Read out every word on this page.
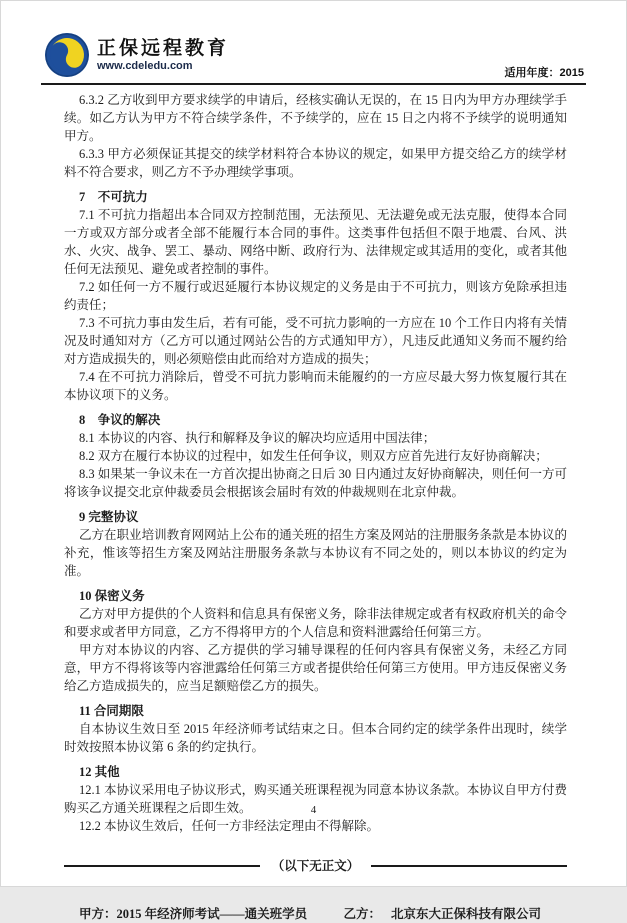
正保远程教育
www.cdeledu.com
适用年度：2015

6.3.2 乙方收到甲方要求续学的申请后，经核实确认无误的，在 15 日内为甲方办理续学手续。如乙方认为甲方不符合续学条件，不予续学的，应在 15 日之内将不予续学的说明通知甲方。

6.3.3 甲方必须保证其提交的续学材料符合本协议的规定，如果甲方提交给乙方的续学材料不符合要求，则乙方不予办理续学事项。

7　不可抗力

7.1 不可抗力指超出本合同双方控制范围，无法预见、无法避免或无法克服，使得本合同一方或双方部分或者全部不能履行本合同的事件。这类事件包括但不限于地震、台风、洪水、火灾、战争、罢工、暴动、网络中断、政府行为、法律规定或其适用的变化，或者其他任何无法预见、避免或者控制的事件。

7.2 如任何一方不履行或迟延履行本协议规定的义务是由于不可抗力，则该方免除承担违约责任；

7.3 不可抗力事由发生后，若有可能，受不可抗力影响的一方应在 10 个工作日内将有关情况及时通知对方（乙方可以通过网站公告的方式通知甲方），凡违反此通知义务而不履约给对方造成损失的，则必须赔偿由此而给对方造成的损失；

7.4 在不可抗力消除后，曾受不可抗力影响而未能履约的一方应尽最大努力恢复履行其在本协议项下的义务。

8　争议的解决

8.1 本协议的内容、执行和解释及争议的解决均应适用中国法律；

8.2 双方在履行本协议的过程中，如发生任何争议，则双方应首先进行友好协商解决；

8.3 如果某一争议未在一方首次提出协商之日后 30 日内通过友好协商解决，则任何一方可将该争议提交北京仲裁委员会根据该会届时有效的仲裁规则在北京仲裁。

9 完整协议

乙方在职业培训教育网网站上公布的通关班的招生方案及网站的注册服务条款是本协议的补充，惟该等招生方案及网站注册服务条款与本协议有不同之处的，则以本协议的约定为准。

10 保密义务

乙方对甲方提供的个人资料和信息具有保密义务，除非法律规定或者有权政府机关的命令和要求或者甲方同意，乙方不得将甲方的个人信息和资料泄露给任何第三方。

甲方对本协议的内容、乙方提供的学习辅导课程的任何内容具有保密义务，未经乙方同意，甲方不得将该等内容泄露给任何第三方或者提供给任何第三方使用。甲方违反保密义务给乙方造成损失的，应当足额赔偿乙方的损失。

11 合同期限

自本协议生效日至 2015 年经济师考试结束之日。但本合同约定的续学条件出现时，续学时效按照本协议第 6 条的约定执行。

12 其他

12.1 本协议采用电子协议形式，购买通关班课程视为同意本协议条款。本协议自甲方付费购买乙方通关班课程之后即生效。

12.2 本协议生效后，任何一方非经法定理由不得解除。

（以下无正文）
甲方：2015 年经济师考试——通关班学员	乙方： 北京东大正保科技有限公司
4
